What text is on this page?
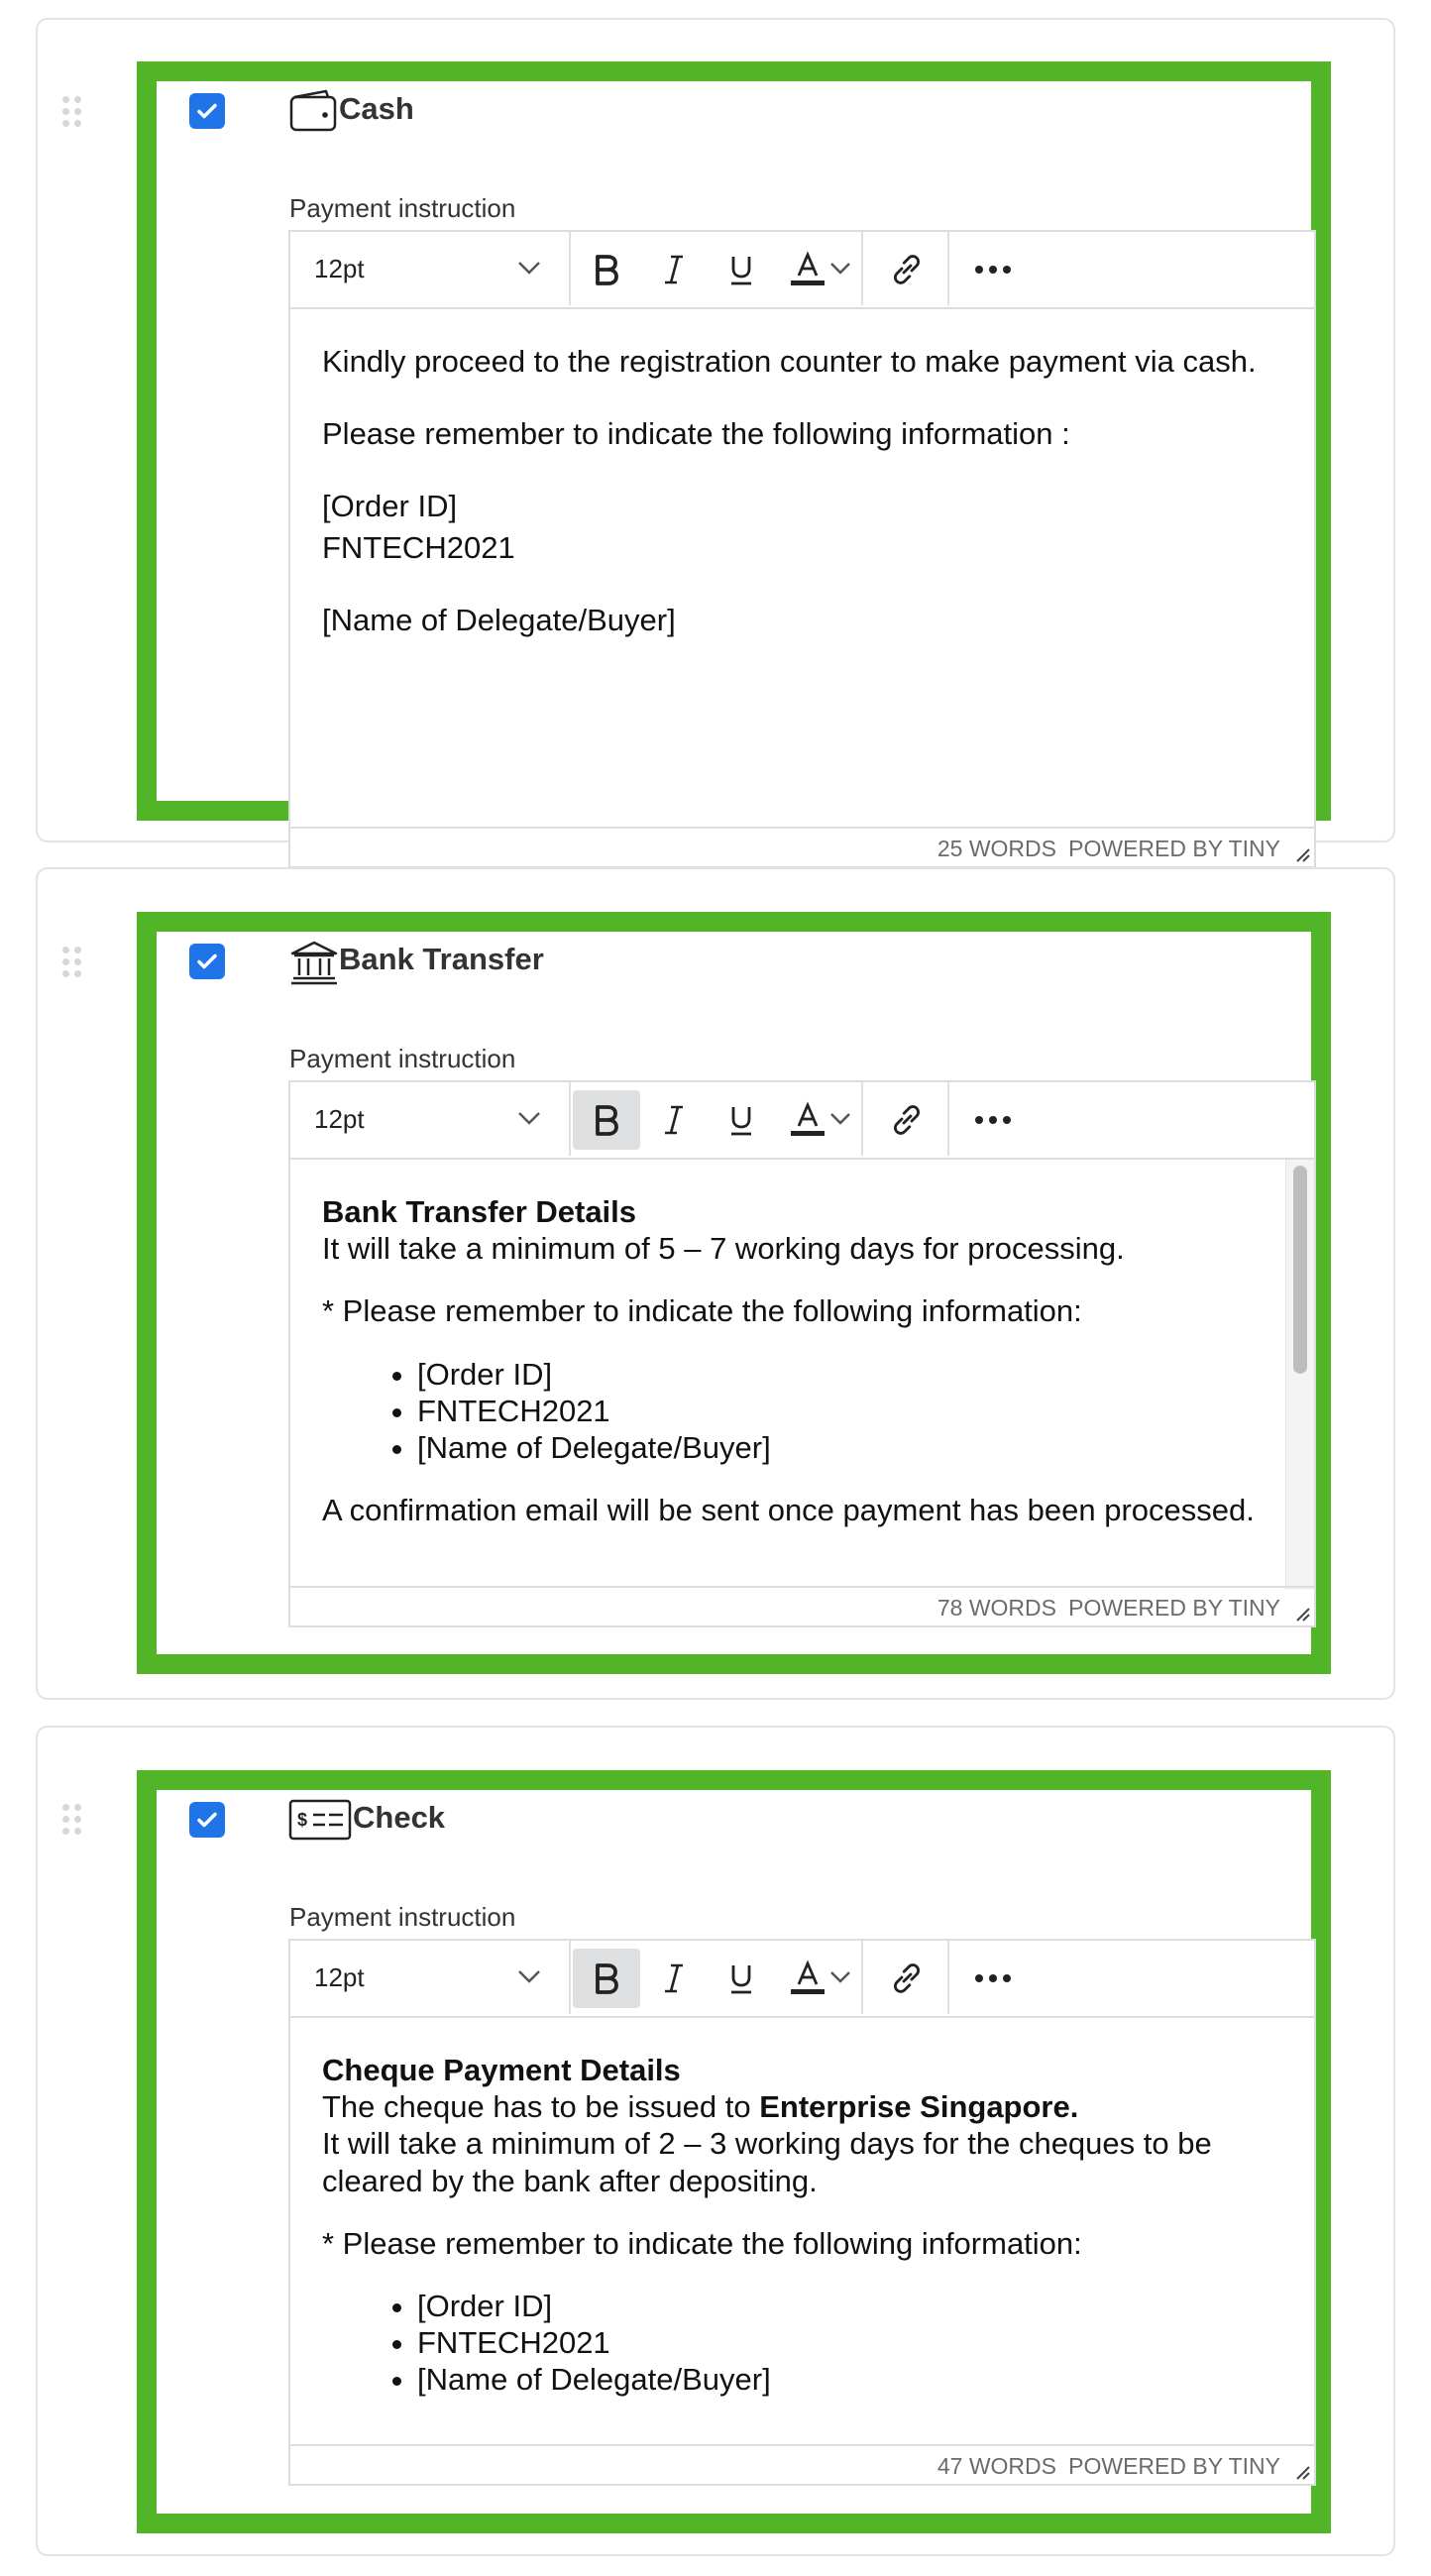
Cash
Payment instruction
12pt

Kindly proceed to the registration counter to make payment via cash.

Please remember to indicate the following information :

[Order ID]

FNTECH2021

[Name of Delegate/Buyer]

25 WORDS POWERED BY TINY
Bank Transfer
Payment instruction
12pt
Bank Transfer Details

It will take a minimum of 5 – 7 working days for processing.

* Please remember to indicate the following information:

• [Order ID]
• FNTECH2021
• [Name of Delegate/Buyer]

A confirmation email will be sent once payment has been processed.

78 WORDS POWERED BY TINY
$ Check
Payment instruction
12pt
Cheque Payment Details
The cheque has to be issued to Enterprise Singapore.

It will take a minimum of 2 – 3 working days for the cheques to be cleared by the bank after depositing.

* Please remember to indicate the following information:

• [Order ID]
• FNTECH2021
• [Name of Delegate/Buyer]
47 WORDS POWERED BY TINY
